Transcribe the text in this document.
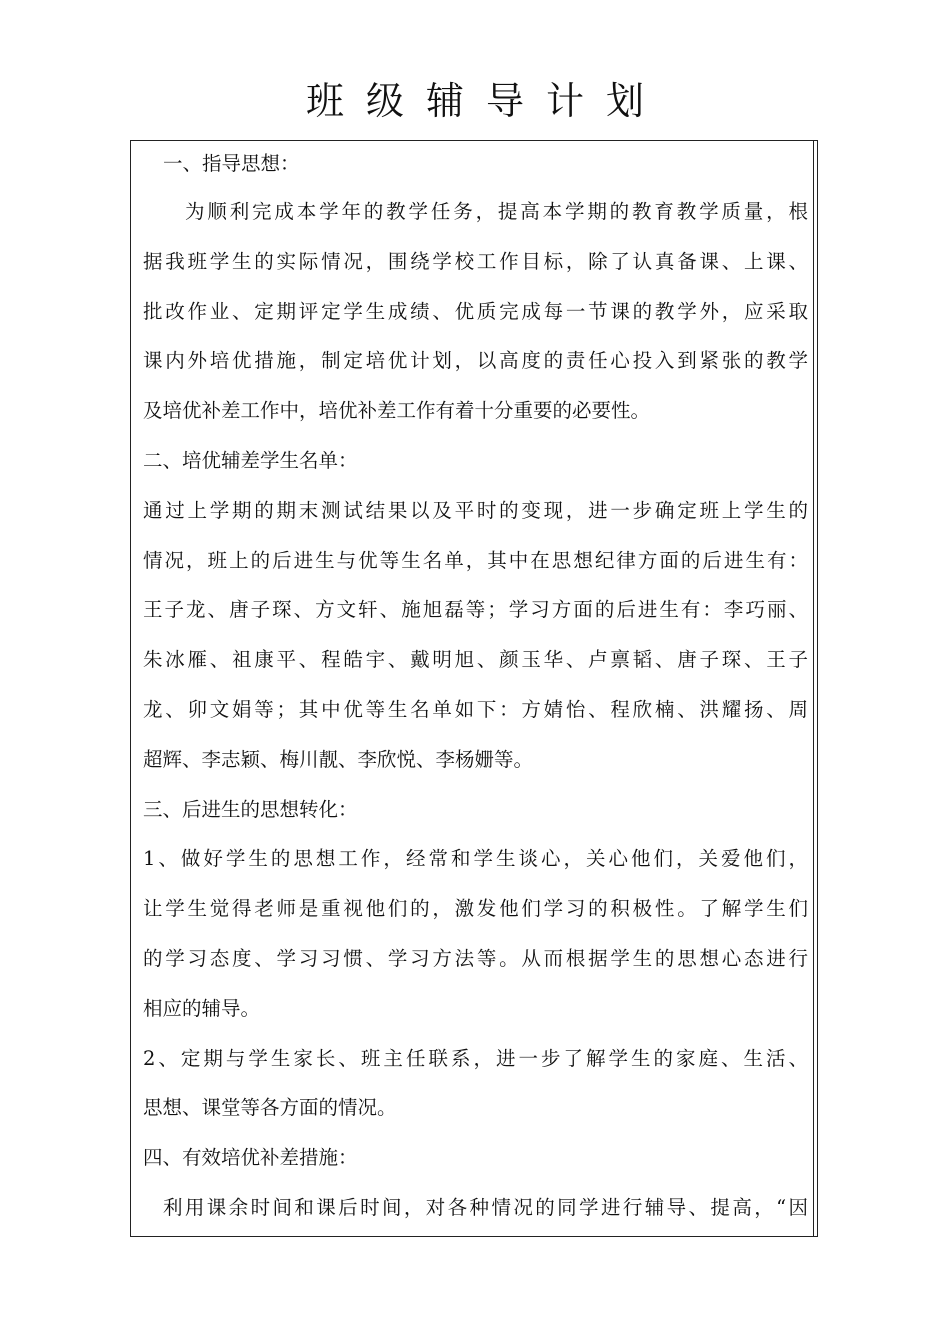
班级辅导计划
一、指导思想：
为顺利完成本学年的教学任务，提高本学期的教育教学质量，根
据我班学生的实际情况，围绕学校工作目标，除了认真备课、上课、
批改作业、定期评定学生成绩、优质完成每一节课的教学外，应采取
课内外培优措施，制定培优计划，以高度的责任心投入到紧张的教学
及培优补差工作中，培优补差工作有着十分重要的必要性。
二、培优辅差学生名单：
通过上学期的期末测试结果以及平时的变现，进一步确定班上学生的
情况，班上的后进生与优等生名单，其中在思想纪律方面的后进生有：
王子龙、唐子琛、方文轩、施旭磊等；学习方面的后进生有：李巧丽、
朱冰雁、祖康平、程皓宇、戴明旭、颜玉华、卢禀韬、唐子琛、王子
龙、卯文娟等；其中优等生名单如下：方婧怡、程欣楠、洪耀扬、周
超辉、李志颖、梅川靓、李欣悦、李杨姗等。
三、后进生的思想转化：
1、做好学生的思想工作，经常和学生谈心，关心他们，关爱他们，
让学生觉得老师是重视他们的，激发他们学习的积极性。了解学生们
的学习态度、学习习惯、学习方法等。从而根据学生的思想心态进行
相应的辅导。
2、定期与学生家长、班主任联系，进一步了解学生的家庭、生活、
思想、课堂等各方面的情况。
四、有效培优补差措施：
利用课余时间和课后时间，对各种情况的同学进行辅导、提高，“因
